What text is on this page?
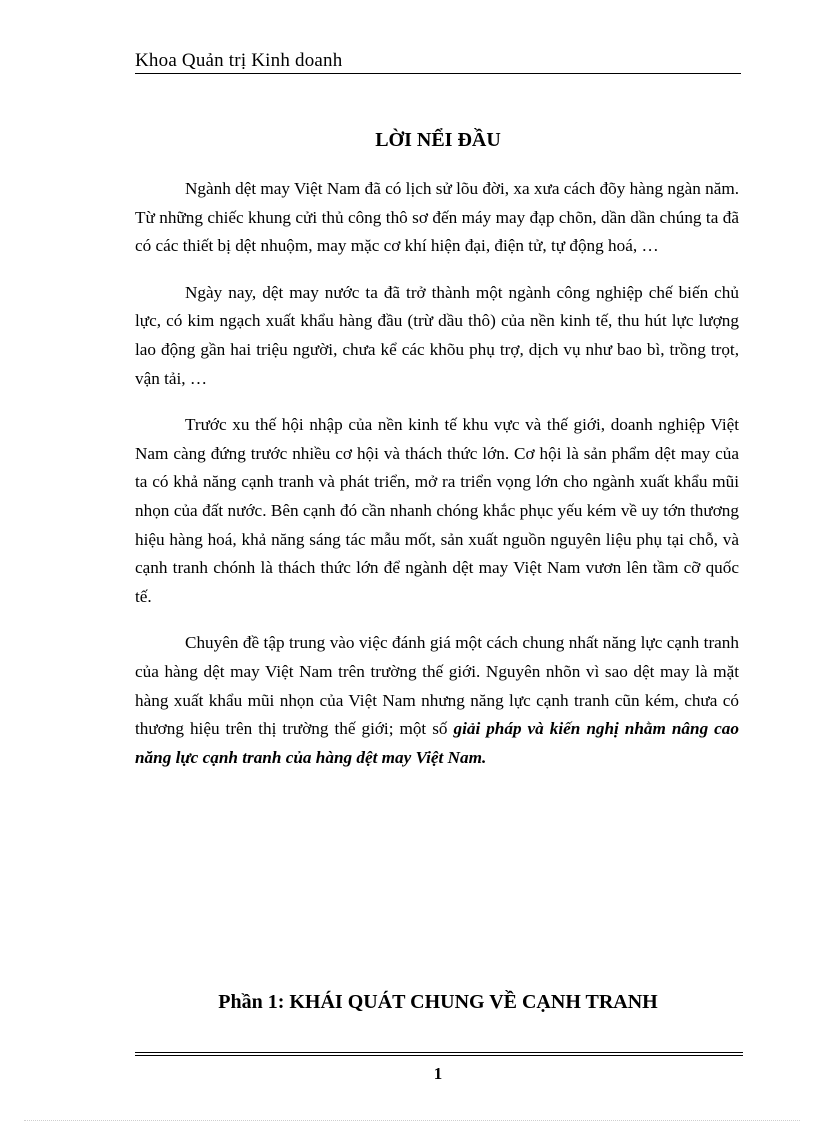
Khoa Quản trị Kinh doanh
LỜI NỂI ĐẦU

Ngành dệt may Việt Nam đã có lịch sử lõu đời, xa xưa cách đõy hàng ngàn năm. Từ những chiếc khung cửi thủ công thô sơ đến máy may đạp chõn, dần dần chúng ta đã có các thiết bị dệt nhuộm, may mặc cơ khí hiện đại, điện tử, tự động hoá, …

Ngày nay, dệt may nước ta đã trở thành một ngành công nghiệp chế biến chủ lực, có kim ngạch xuất khẩu hàng đầu (trừ dầu thô) của nền kinh tế, thu hút lực lượng lao động gần hai triệu người, chưa kể các khõu phụ trợ, dịch vụ như bao bì, trồng trọt, vận tải, …

Trước xu thế hội nhập của nền kinh tế khu vực và thế giới, doanh nghiệp Việt Nam càng đứng trước nhiều cơ hội và thách thức lớn. Cơ hội là sản phẩm dệt may của ta có khả năng cạnh tranh và phát triển, mở ra triển vọng lớn cho ngành xuất khẩu mũi nhọn của đất nước. Bên cạnh đó cần nhanh chóng khắc phục yếu kém về uy tớn thương hiệu hàng hoá, khả năng sáng tác mẫu mốt, sản xuất nguồn nguyên liệu phụ tại chỗ, và cạnh tranh chónh là thách thức lớn để ngành dệt may Việt Nam vươn lên tầm cỡ quốc tế.

Chuyên đề tập trung vào việc đánh giá một cách chung nhất năng lực cạnh tranh của hàng dệt may Việt Nam trên trường thế giới. Nguyên nhõn vì sao dệt may là mặt hàng xuất khẩu mũi nhọn của Việt Nam nhưng năng lực cạnh tranh cũn kém, chưa có thương hiệu trên thị trường thế giới; một số giải pháp và kiến nghị nhằm nâng cao năng lực cạnh tranh của hàng dệt may Việt Nam.

Phần 1: KHÁI QUÁT CHUNG VỀ CẠNH TRANH
1
